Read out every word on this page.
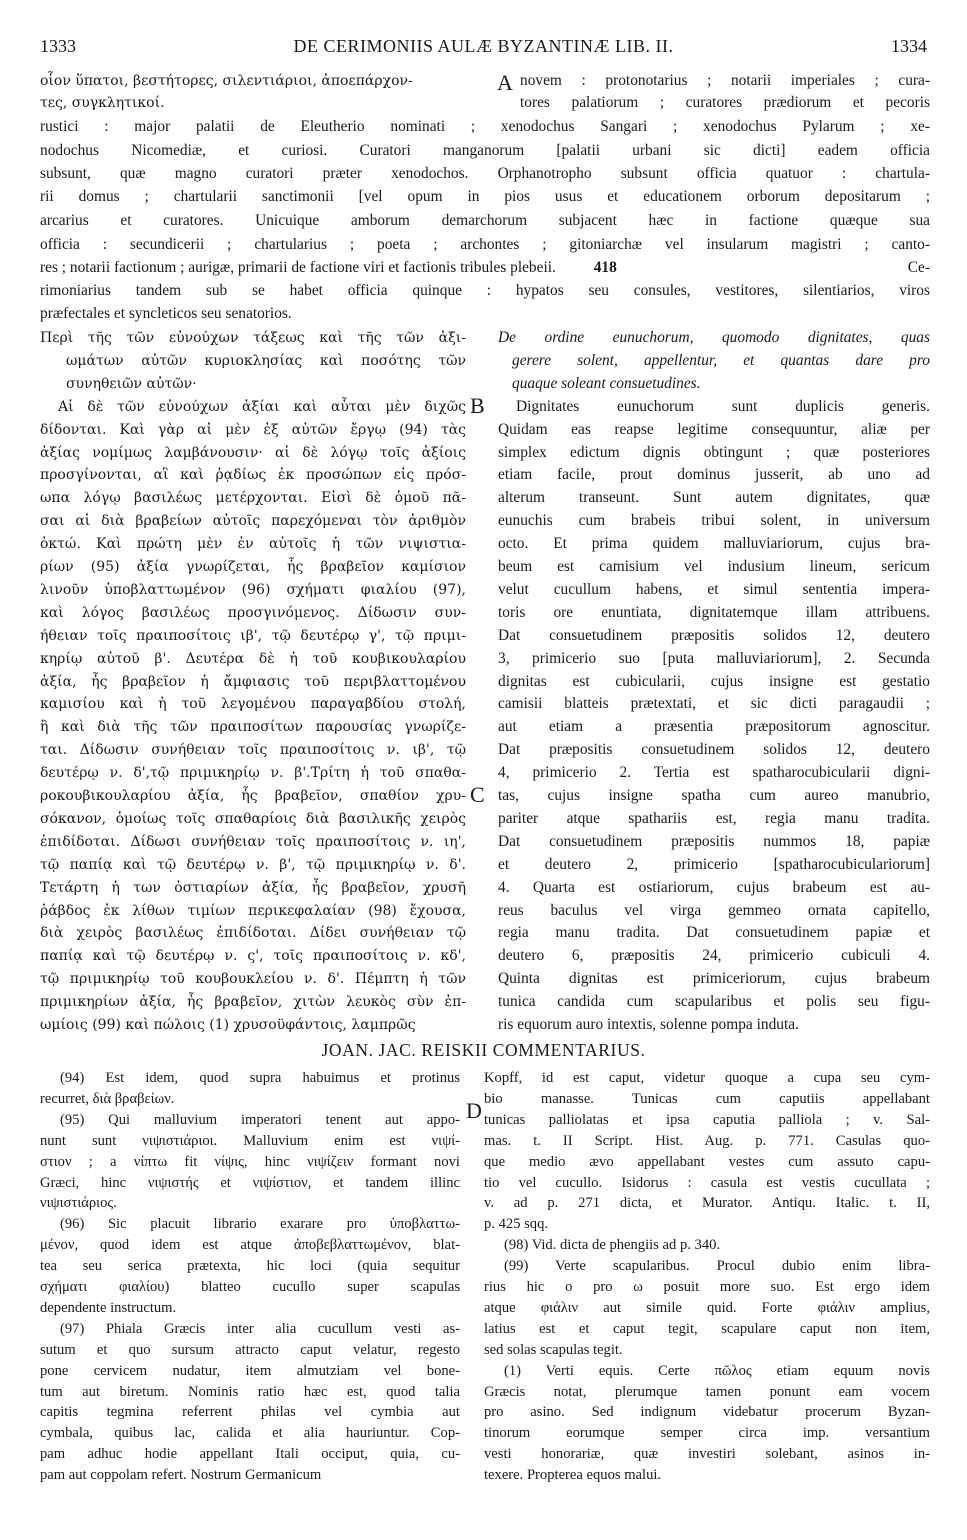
1333	DE CERIMONIIS AULÆ BYZANTINÆ LIB. II.	1334
οἷον ὕπατοι, βεστήτορες, σιλεντιάριοι, ἀποεπάρχον-	novem : protonotarius ; notarii imperiales ; cura-
τες, συγκλητικοί.	tores palatiorum ; curatores prædiorum et pecoris
rustici : major palatii de Eleutherio nominati ; xenodochus Sangari ; xenodochus Pylarum ; xe-
nodochus Nicomediæ, et curiosi. Curatori manganorum [palatii urbani sic dicti] eadem officia
subsunt, quæ magno curatori præter xenodochos. Orphanotropho subsunt officia quatuor : chartula-
rii domus ; chartularii sanctimonii [vel opum in pios usus et educationem orborum depositarum ;
arcarius et curatores. Unicuique amborum demarchorum subjacent hæc in factione quæque sua
officia : secundicerii ; chartularius ; poeta ; archontes ; gitoniarchæ vel insularum magistri ; canto-
res ; notarii factionum ; aurigæ, primarii de factione viri et factionis tribules plebeii. 418	Ce-
rimoniarius tandem sub se habet officia quinque : hypatos seu consules, vestitores, silentiarios, viros
præfectales et syncleticos seu senatorios.
A
B
C
D
Περὶ τῆς τῶν εὐνούχων τάξεως καὶ τῆς τῶν ἀξι-
ωμάτων αὐτῶν κυριοκλησίας καὶ ποσότης τῶν
συνηθειῶν αὐτῶν·
Αἱ δὲ τῶν εὐνούχων ἀξίαι καὶ αὗται μὲν διχῶς
δίδονται. Καὶ γὰρ αἱ μὲν ἐξ αὐτῶν ἔργῳ (94) τὰς
ἀξίας νομίμως λαμβάνουσιν· αἱ δὲ λόγῳ τοῖς ἀξίοις
προσγίνονται, αἳ καὶ ῥᾳδίως ἐκ προσώπων εἰς πρόσ-
ωπα λόγῳ βασιλέως μετέρχονται. Εἰσὶ δὲ ὁμοῦ πᾶ-
σαι αἱ διὰ βραβείων αὐτοῖς παρεχόμεναι τὸν ἀριθμὸν
ὀκτώ. Καὶ πρώτη μὲν ἐν αὐτοῖς ἡ τῶν νιψιστια-
ρίων (95) ἀξία γνωρίζεται, ἧς βραβεῖον καμίσιον
λινοῦν ὑποβλαττωμένον (96) σχήματι φιαλίου (97),
καὶ λόγος βασιλέως προσγινόμενος. Δίδωσιν συν-
ήθειαν τοῖς πραιποσίτοις ιβ', τῷ δευτέρῳ γ', τῷ πριμι-
κηρίῳ αὐτοῦ β'. Δευτέρα δὲ ἡ τοῦ κουβικουλαρίου
ἀξία, ἧς βραβεῖον ἡ ἄμφιασις τοῦ περιβλαττομένου
καμισίου καὶ ἡ τοῦ λεγομένου παραγαβδίου στολή,
ἢ καὶ διὰ τῆς τῶν πραιποσίτων παρουσίας γνωρίζε-
ται. Δίδωσιν συνήθειαν τοῖς πραιποσίτοις ν. ιβ', τῷ
δευτέρῳ ν. δ',τῷ πριμικηρίῳ ν. β'.Τρίτη ἡ τοῦ σπαθα-
ροκουβικουλαρίου ἀξία, ἧς βραβεῖον, σπαθίον χρυ-
σόκανον, ὁμοίως τοῖς σπαθαρίοις διὰ βασιλικῆς χειρὸς
ἐπιδίδοται. Δίδωσι συνήθειαν τοῖς πραιποσίτοις ν. ιη',
τῷ παπίᾳ καὶ τῷ δευτέρῳ ν. β', τῷ πριμικηρίῳ ν. δ'.
Τετάρτη ἡ των ὀστιαρίων ἀξία, ἧς βραβεῖον, χρυσῆ
ῥάβδος ἐκ λίθων τιμίων περικεφαλαίαν (98) ἔχουσα,
διὰ χειρὸς βασιλέως ἐπιδίδοται. Δίδει συνήθειαν τῷ
παπίᾳ καὶ τῷ δευτέρῳ ν. ς', τοῖς πραιποσίτοις ν. κδ',
τῷ πριμικηρίῳ τοῦ κουβουκλείου ν. δ'. Πέμπτη ἡ τῶν
πριμικηρίων ἀξία, ἧς βραβεῖον, χιτὼν λευκὸς σὺν ἐπ-
ωμίοις (99) καὶ πώλοις (1) χρυσοϋφάντοις, λαμπρῶς
De ordine eunuchorum, quomodo dignitates, quas
gerere solent, appellentur, et quantas dare pro
quaque soleant consuetudines.
Dignitates eunuchorum sunt duplicis generis.
Quidam eas reapse legitime consequuntur, aliæ per
simplex edictum dignis obtingunt ; quæ posteriores
etiam facile, prout dominus jusserit, ab uno ad
alterum transeunt. Sunt autem dignitates, quæ
eunuchis cum brabeis tribui solent, in universum
octo. Et prima quidem malluviariorum, cujus bra-
beum est camisium vel indusium lineum, sericum
velut cucullum habens, et simul sententia impera-
toris ore enuntiata, dignitatemque illam attribuens.
Dat consuetudinem præpositis solidos 12, deutero
3, primicerio suo [puta malluviariorum], 2. Secunda
dignitas est cubicularii, cujus insigne est gestatio
camisii blatteis prætextati, et sic dicti paragaudii ;
aut etiam a præsentia præpositorum agnoscitur.
Dat præpositis consuetudinem solidos 12, deutero
4, primicerio 2. Tertia est spatharocubicularii digni-
tas, cujus insigne spatha cum aureo manubrio,
pariter atque spathariis est, regia manu tradita.
Dat consuetudinem præpositis nummos 18, papiæ
et deutero 2, primicerio [spatharocubiculariorum]
4. Quarta est ostiariorum, cujus brabeum est au-
reus baculus vel virga gemmeo ornata capitello,
regia manu tradita. Dat consuetudinem papiæ et
deutero 6, præpositis 24, primicerio cubiculi 4.
Quinta dignitas est primiceriorum, cujus brabeum
tunica candida cum scapularibus et polis seu figu-
ris equorum auro intextis, solenne pompa induta.
JOAN. JAC. REISKII COMMENTARIUS.
(94) Est idem, quod supra habuimus et protinus
recurret, διὰ βραβείων.
(95) Qui malluvium imperatori tenent aut appo-
nunt sunt νιψιστιάριοι. Malluvium enim est νιψί-
στιον ; a νίπτω fit νίψις, hinc νιψίζειν formant novi
Græci, hinc νιψιστής et νιψίστιον, et tandem illinc
νιψιστιάριος.
(96) Sic placuit librario exarare pro ὑποβλαττω-
μένον, quod idem est atque ἀποβεβλαττωμένον, blat-
tea seu serica prætexta, hic loci (quia sequitur
σχήματι φιαλίου) blatteo cucullo super scapulas
dependente instructum.
(97) Phiala Græcis inter alia cucullum vesti as-
sutum et quo sursum attracto caput velatur, regesto
pone cervicem nudatur, item almutziam vel bone-
tum aut biretum. Nominis ratio hæc est, quod talia
capitis tegmina referrent philas vel cymbia aut
cymbala, quibus lac, calida et alia hauriuntur. Cop-
pam adhuc hodie appellant Itali occiput, quia, cu-
pam aut coppolam refert. Nostrum Germanicum
Kopff, id est caput, videtur quoque a cupa seu cym-
bio manasse. Tunicas cum caputiis appellabant
tunicas palliolatas et ipsa caputia palliola ; v. Sal-
mas. t. II Script. Hist. Aug. p. 771. Casulas quo-
que medio ævo appellabant vestes cum assuto capu-
tio vel cucullo. Isidorus : casula est vestis cucullata ;
v. ad p. 271 dicta, et Murator. Antiqu. Italic. t. II,
p. 425 sqq.
(98) Vid. dicta de phengiis ad p. 340.
(99) Verte scapularibus. Procul dubio enim libra-
rius hic o pro ω posuit more suo. Est ergo idem
atque φιάλιν aut simile quid. Forte φιάλιν amplius,
latius est et caput tegit, scapulare caput non item,
sed solas scapulas tegit.
(1) Verti equis. Certe πῶλος etiam equum novis
Græcis notat, plerumque tamen ponunt eam vocem
pro asino. Sed indignum videbatur procerum Byzan-
tinorum eorumque semper circa imp. versantium
vesti honorariæ, quæ investiri solebant, asinos in-
texere. Propterea equos malui.
